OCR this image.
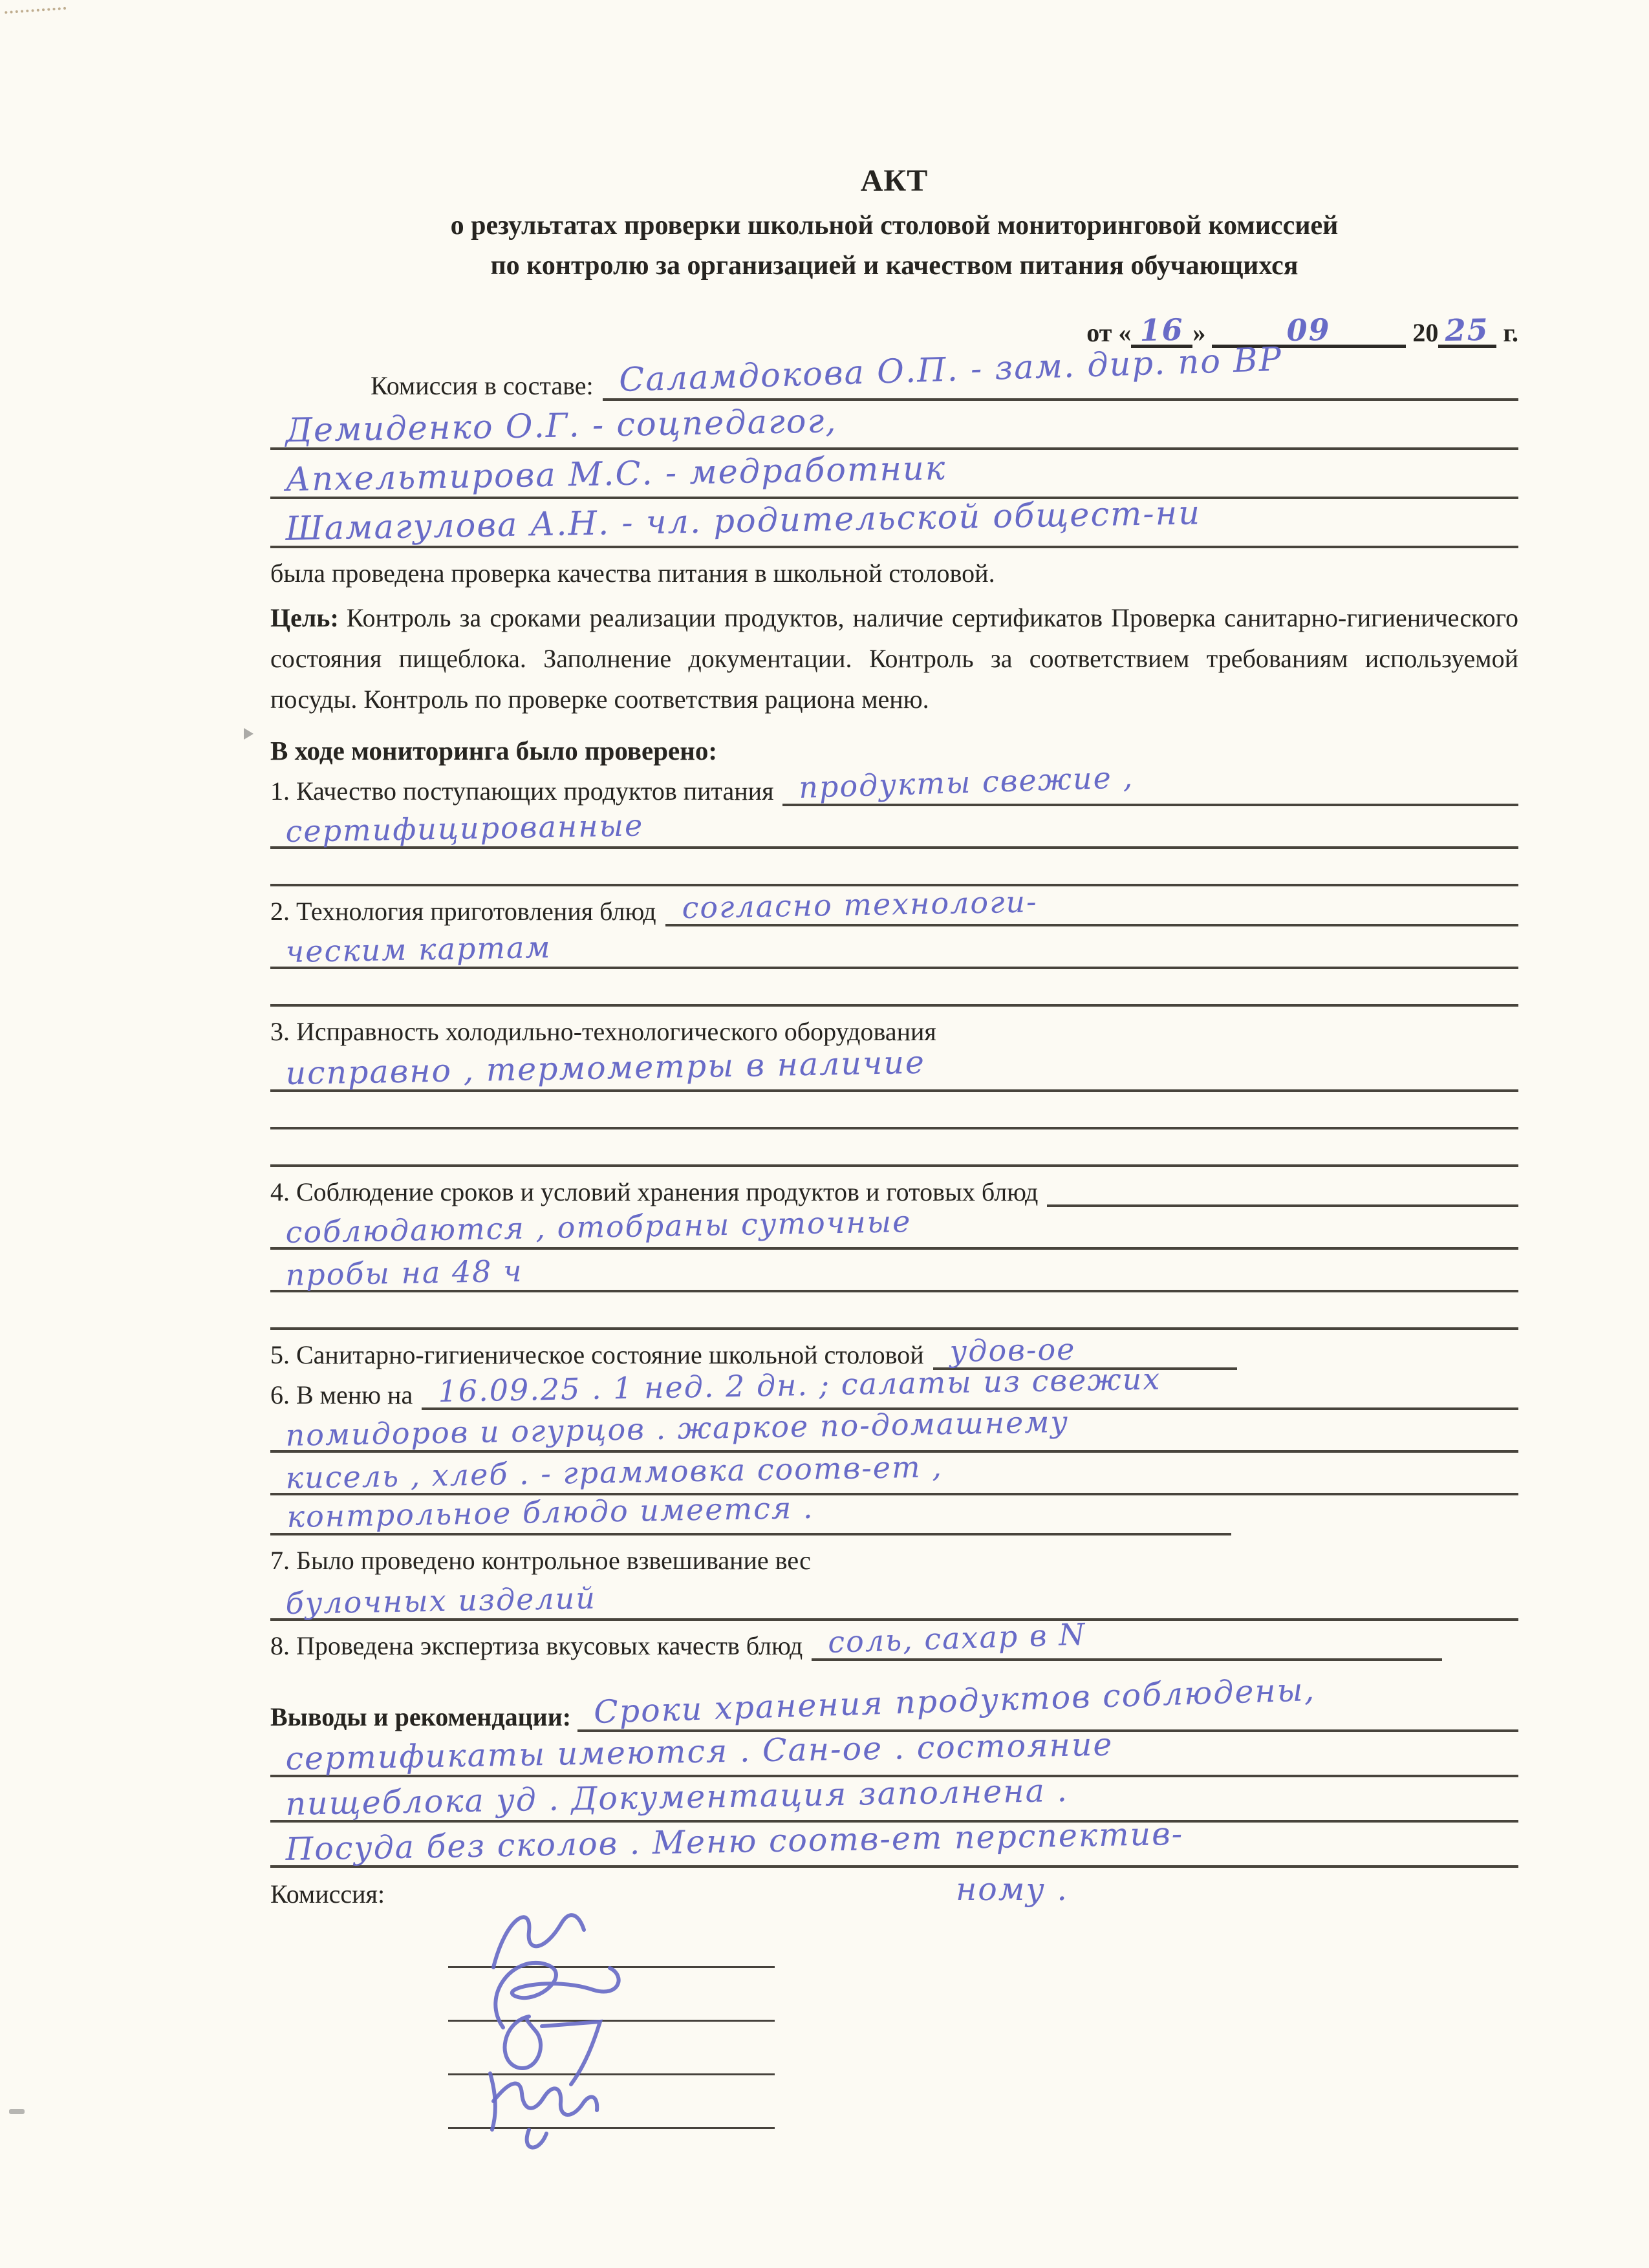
АКТ
о результатах проверки школьной столовой мониторинговой комиссией
по контролю за организацией и качеством питания обучающихся
от « 16 »	09	20 25 г.
Комиссия в составе: Саламдокова О.П. - зам. дир. по ВР
Демиденко О.Г. - соцпедагог,
Апхельтирова М.С. - медработник
Шамагулова А.Н. - чл. родительской общест-ни
была проведена проверка качества питания в школьной столовой.
Цель: Контроль за сроками реализации продуктов, наличие сертификатов Проверка санитарно-гигиенического состояния пищеблока. Заполнение документации. Контроль за соответствием требованиям используемой посуды. Контроль по проверке соответствия рациона меню.
В ходе мониторинга было проверено:
1. Качество поступающих продуктов питания продукты свежие ,
сертифицированные
2. Технология приготовления блюд согласно технологи-
ческим картам
3. Исправность холодильно-технологического оборудования
исправно , термометры в наличие
4. Соблюдение сроков и условий хранения продуктов и готовых блюд
соблюдаются , отобраны суточные
пробы на 48 ч
5. Санитарно-гигиеническое состояние школьной столовой удов-ое
6. В меню на 16.09.25 . 1 нед. 2 дн. ; салаты из свежих
помидоров и огурцов . жаркое по-домашнему
кисель , хлеб . - граммовка соотв-ет ,
контрольное блюдо имеется .
7. Было проведено контрольное взвешивание вес
булочных изделий
8. Проведена экспертиза вкусовых качеств блюд соль, сахар в N
Выводы и рекомендации: Сроки хранения продуктов соблюдены,
сертификаты имеются . Сан-ое . состояние
пищеблока уд . Документация заполнена .
Посуда без сколов . Меню соотв-ет перспектив-
Комиссия:	ному .
